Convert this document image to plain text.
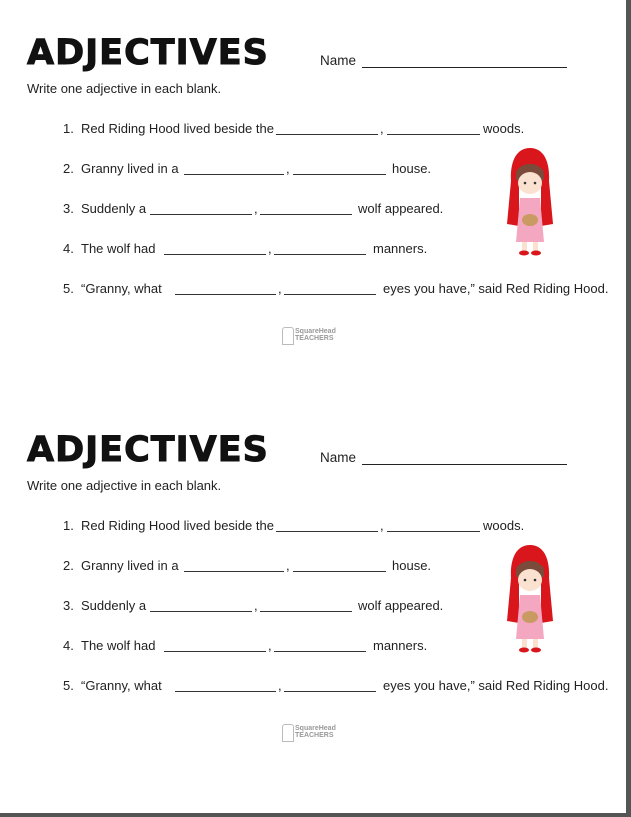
ADJECTIVES	Name
Write one adjective in each blank.
1. Red Riding Hood lived beside the	,	woods.
2. Granny lived in a	,	house.
3. Suddenly a	,	wolf appeared.
4. The wolf had	,	manners.
5. “Granny, what	,	eyes you have,” said Red Riding Hood.
SquareHead TEACHERS
ADJECTIVES	Name
Write one adjective in each blank.
1. Red Riding Hood lived beside the	,	woods.
2. Granny lived in a	,	house.
3. Suddenly a	,	wolf appeared.
4. The wolf had	,	manners.
5. “Granny, what	,	eyes you have,” said Red Riding Hood.
SquareHead TEACHERS
